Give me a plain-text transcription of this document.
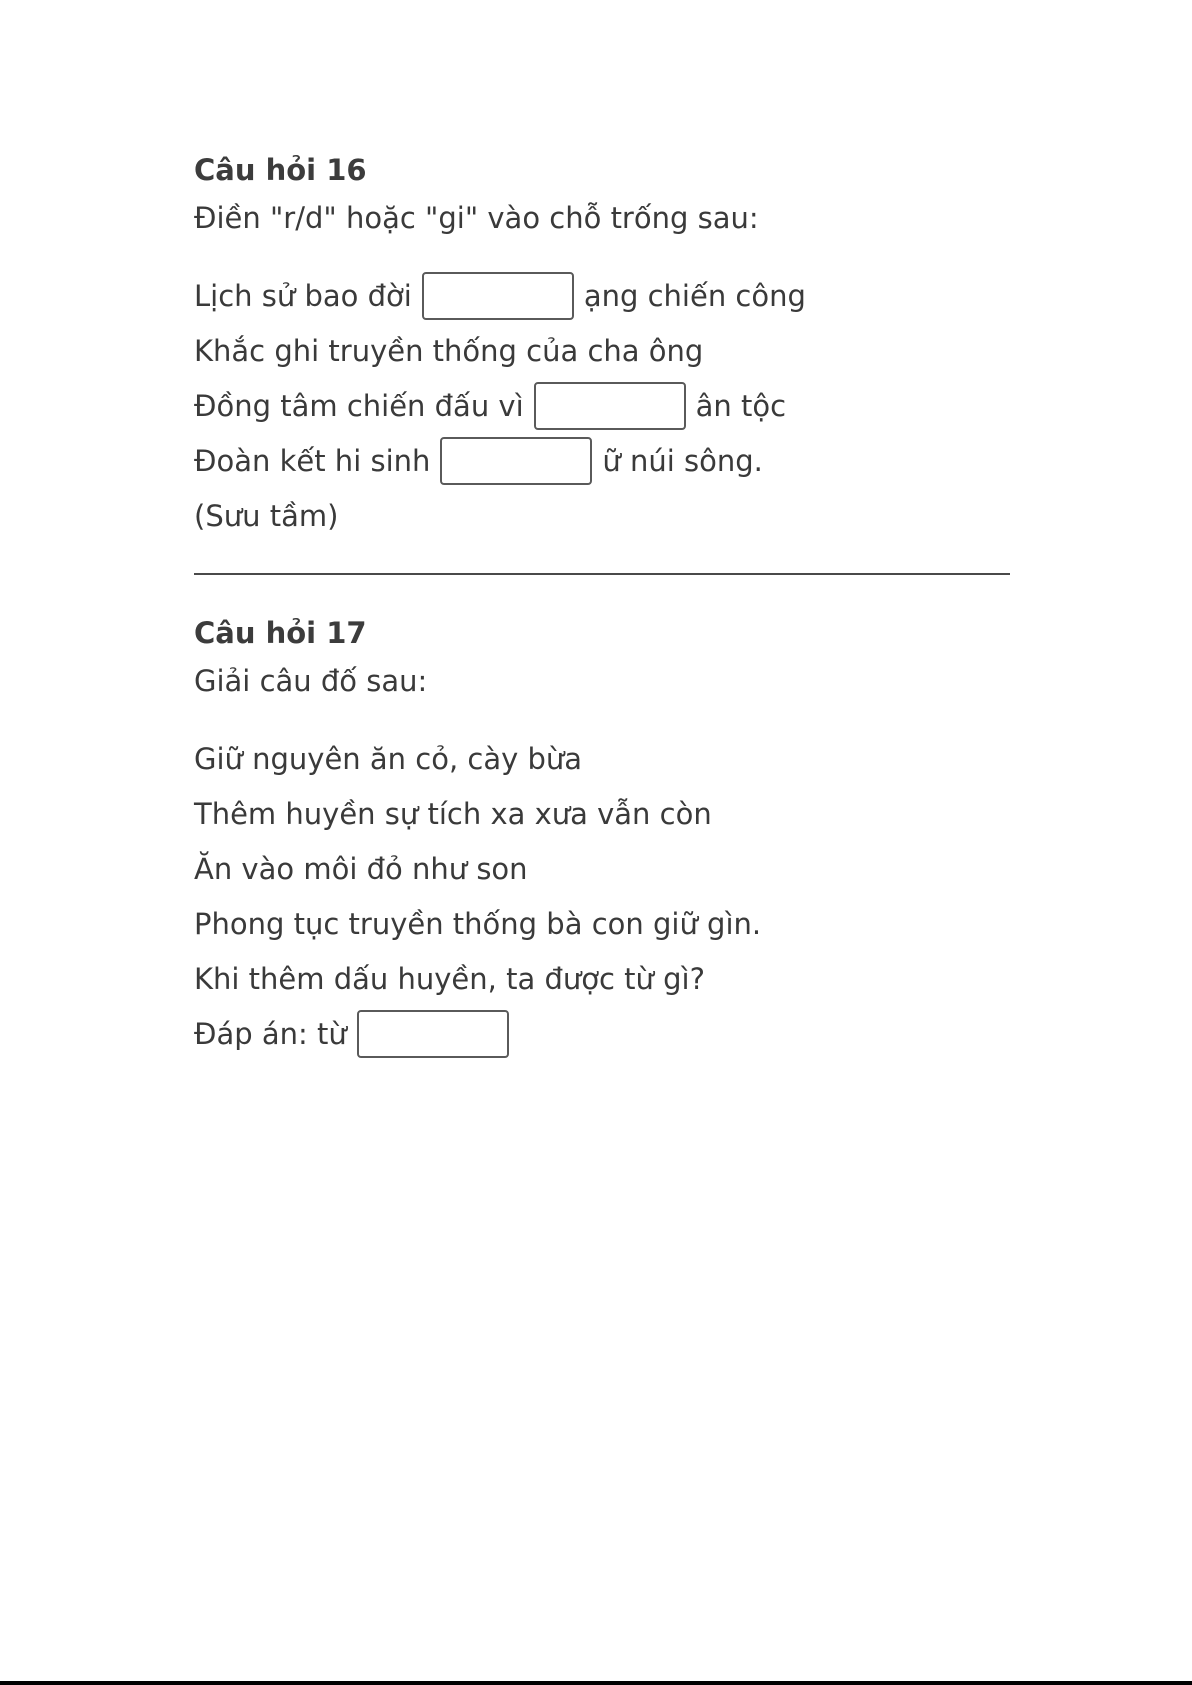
Câu hỏi 16

Điền "r/d" hoặc "gi" vào chỗ trống sau:

Lịch sử bao đời	ạng chiến công
Khắc ghi truyền thống của cha ông
Đồng tâm chiến đấu vì	ân tộc
Đoàn kết hi sinh	ữ núi sông.
(Sưu tầm)
Câu hỏi 17

Giải câu đố sau:

Giữ nguyên ăn cỏ, cày bừa
Thêm huyền sự tích xa xưa vẫn còn
Ăn vào môi đỏ như son
Phong tục truyền thống bà con giữ gìn.
Khi thêm dấu huyền, ta được từ gì?
Đáp án: từ
